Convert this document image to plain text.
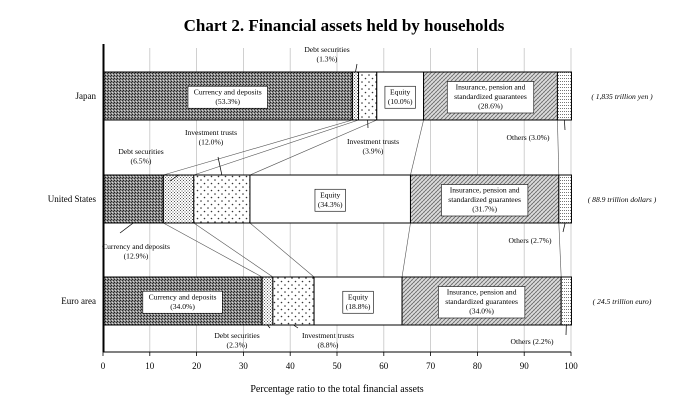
Chart 2. Financial assets held by households
0	10	20	30	40	50	60	70	80	90	100
Japan
United States
Euro area
( 1,835 trillion yen )
( 88.9 trillion dollars )
( 24.5 trillion euro)
Currency and deposits
(53.3%)
Debt securities
(1.3%)
Investment trusts
(3.9%)
Equity
(10.0%)
Insurance, pension and
standardized guarantees
(28.6%)
Others (3.0%)
Currency and deposits
(12.9%)
Debt securities
(6.5%)
Investment trusts
(12.0%)
Equity
(34.3%)
Insurance, pension and
standardized guarantees
(31.7%)
Others (2.7%)
Currency and deposits
(34.0%)
Debt securities
(2.3%)
Investment trusts
(8.8%)
Equity
(18.8%)
Insurance, pension and
standardized guarantees
(34.0%)
Others (2.2%)
Percentage ratio to the total financial assets
